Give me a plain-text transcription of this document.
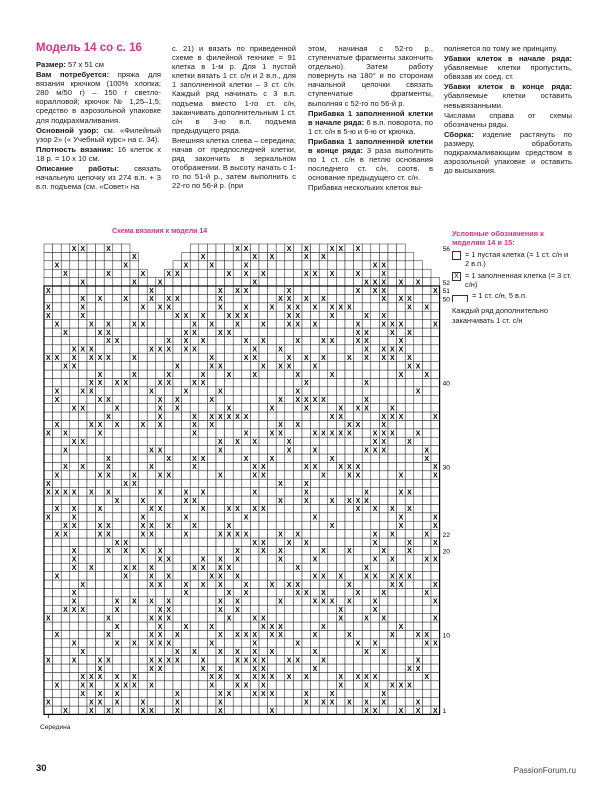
Модель 14 со с. 16

Размер: 57 х 51 см

Вам потребуется: пряжа для вязания крючком (100% хлопка; 280 м/50 г) – 150 г светло-коралловой; крючок № 1,25–1,5; средство в аэрозольной упаковке для подкрахмаливания.

Основной узор: см. «Филейный узор 2» (« Учебный курс» на с. 34).

Плотность вязания: 16 клеток х 18 р. = 10 х 10 см.

Описание работы: связать начальную цепочку из 274 в.п. + 3 в.п. подъема (см. «Совет» на

с. 21) и вязать по приведенной схеме в филейной технике = 91 клетка в 1-м р. Для 1 пустой клетки вязать 1 ст. с/н и 2 в.п., для 1 заполненной клетки – 3 ст. с/н. Каждый ряд начинать с 3 в.п. подъема вместо 1-го ст. с/н, заканчивать дополнительным 1 ст. с/н в 3-ю в.п. подъема предыдущего ряда.

Внешняя клетка слева – середина; начав от предпоследней клетки, ряд закончить в зеркальном отображении. В высоту начать с 1-го по 51-й р., затем выполнить с 22-го по 56-й р. (при

этом, начиная с 52-го р., ступенчатые фрагменты закончить отдельно). Затем работу повернуть на 180° и по сторонам начальной цепочки связать ступенчатые фрагменты, выполняя с 52-го по 56-й р.

Прибавка 1 заполненной клетки в начале ряда: 6 в.п. поворота, по 1 ст. с/н в 5-ю и 6-ю от крючка.

Прибавка 1 заполненной клетки в конце ряда: 3 раза выполнить по 1 ст. с/н в петлю основания последнего ст. с/н, соотв. в основание предыдущего ст. с/н.

Прибавка нескольких клеток вы-

полняется по тому же принципу.

Убавки клеток в начале ряда: убавляемые клетки пропустить, обвязав их соед. ст.

Убавки клеток в конце ряда: убавляемые клетки оставить невывязанными.

Числами справа от схемы обозначены ряды.

Сборка: изделие растянуть по размеру, обработать подкрахмаливающим средством в аэрозольной упаковке и оставить до высыхания.

Схема вязания к модели 14
X	X X	X X	X	X	X	X X	X X X
X	X X X	X	X	X	X X X X X X	X
X X X	X	X X	X X X	X	X	X
X	X X	X X X X	X	X X X	X	X	X X X
X X X X X	X X X X X X X X	X X X X	X
X	X X	X X	X X	X	X X
X	X	X X	X X X X	X	X X X X	X X	X	X
X	X X	X X X X	X	X X
X	X X X X X	X	X	X	X X	X X
X	X	X X X	X X X X X X	X	X	X	X X
X	X	X	X	X X X	X	X
X	X	X X X	X	X X	X	X X	X
X X X	X	X X	X X	X	X
X	X X X X	X X	X	X X X X	X	X
X	X	X X	X X X	X	X	X
X	X X	X X X	X	X X X	X	X X	X
X	X	X X	X X X	X X X	X X X X X
X X	X X X	X X X X	X	X
X	X X	X X X	X	X	X X	X X
X	X X X X	X	X X	X	X	X	X
X X	X X	X X	X	X	X
X X	X X	X X	X	X X X X	X X	X X	X
X X	X X	X X X	X	X	X	X	X
X	X	X	X	X	X	X	X
X X	X	X X	X	X X X X	X X X X
X	X	X X	X	X	X X X X
X X X X X X	X	X X	X	X	X	X X
X	X X	X	X
X	X X	X	X X	X	X X	X	X X	X	X
X X	X	X	X	X X	X X	X X X	X
X	X	X X	X	X	X	X
X	X X	X	X	X	X X X	X
X X	X X X	X	X X	X
X X	X	X	X	X X	X X X X X	X X X	X
X	X X X	X X	X X	X X	X X	X
X	X	X X X X X X	X X	X X X	X
X X	X	X X	X	X	X	X X X	X
X	X X	X X	X	X X X X X	X
X	X X	X	X	X	X	X
X X X X	X X	X X	X	X
X	X	X	X	X	X	X	X	X	X
X X	X	X X	X X X	X	X X
X X X X X X	X	X	X X	X X X	X X X X X
X X X	X X X X X	X	X	X X X X
X X	X X X	X X	X	X X	X X	X
X	X X	X X	X X	X X	X X
X	X X	X X	X X	X	X	X X X	X	X X X	X
X	X	X X X	X X X	X X	X	X X
X	X	X X X	X	X	X X X X X X X	X X
X X	X	X X X	X	X X X X	X X X
X	X	X X X	X	X X X	X
X	X	X	X	X X X X X
X	X	X	X X	X X X	X X X	X	X
X	X	X	X	X	X X
X	X	X X	X X
X X	X	X X	X X	X X X
1
10
20
22
30
40
50
51
52
56
Середина
Условные обозначения к моделям 14 и 15:
= 1 пустая клетка (= 1 ст. с/н и 2 в.п.)
X = 1 заполненная клетка (= 3 ст. с/н)
= 1 ст. с/н, 5 в.п.
Каждый ряд дополнительно заканчивать 1 ст. с/н
30	PassionForum.ru
